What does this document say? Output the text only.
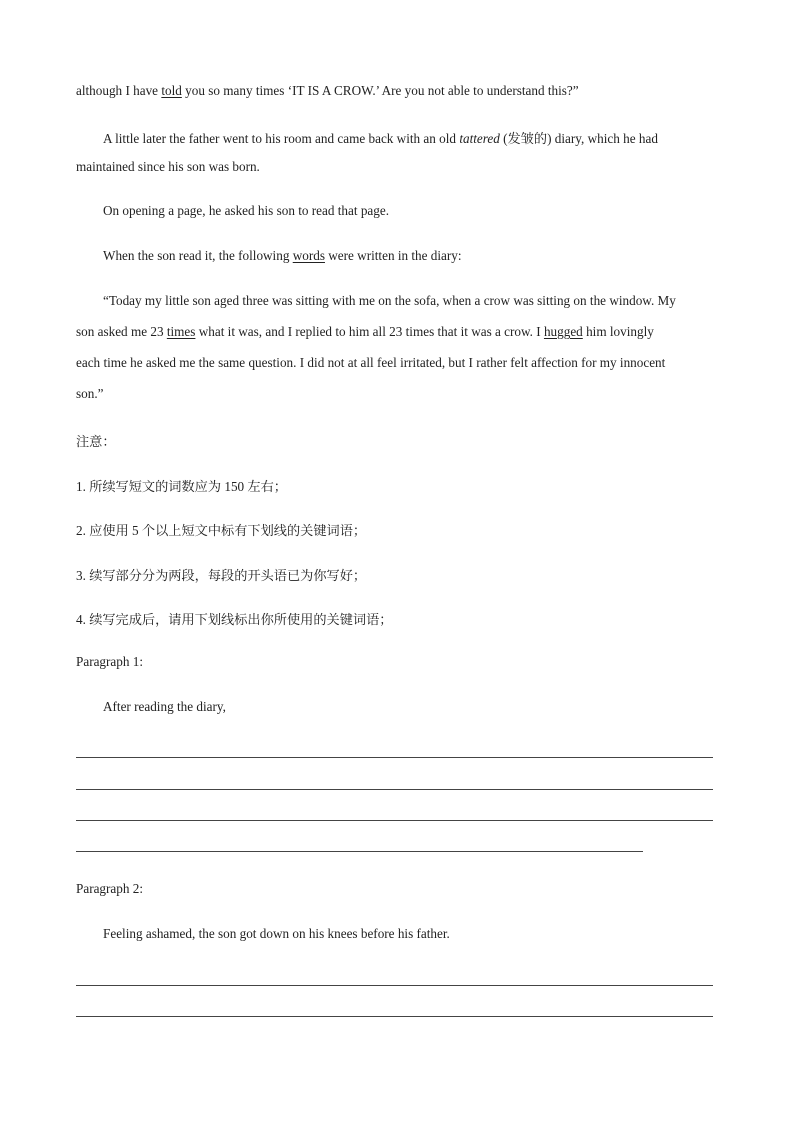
although I have told you so many times ‘IT IS A CROW.’ Are you not able to understand this?”
A little later the father went to his room and came back with an old tattered (发皱的) diary, which he had
maintained since his son was born.
On opening a page, he asked his son to read that page.
When the son read it, the following words were written in the diary:
“Today my little son aged three was sitting with me on the sofa, when a crow was sitting on the window. My
son asked me 23 times what it was, and I replied to him all 23 times that it was a crow. I hugged him lovingly
each time he asked me the same question. I did not at all feel irritated, but I rather felt affection for my innocent
son.”
注意：
1. 所续写短文的词数应为 150 左右；
2. 应使用 5 个以上短文中标有下划线的关键词语；
3. 续写部分分为两段，每段的开头语已为你写好；
4. 续写完成后，请用下划线标出你所使用的关键词语；
Paragraph 1:
After reading the diary,
Paragraph 2:
Feeling ashamed, the son got down on his knees before his father.
